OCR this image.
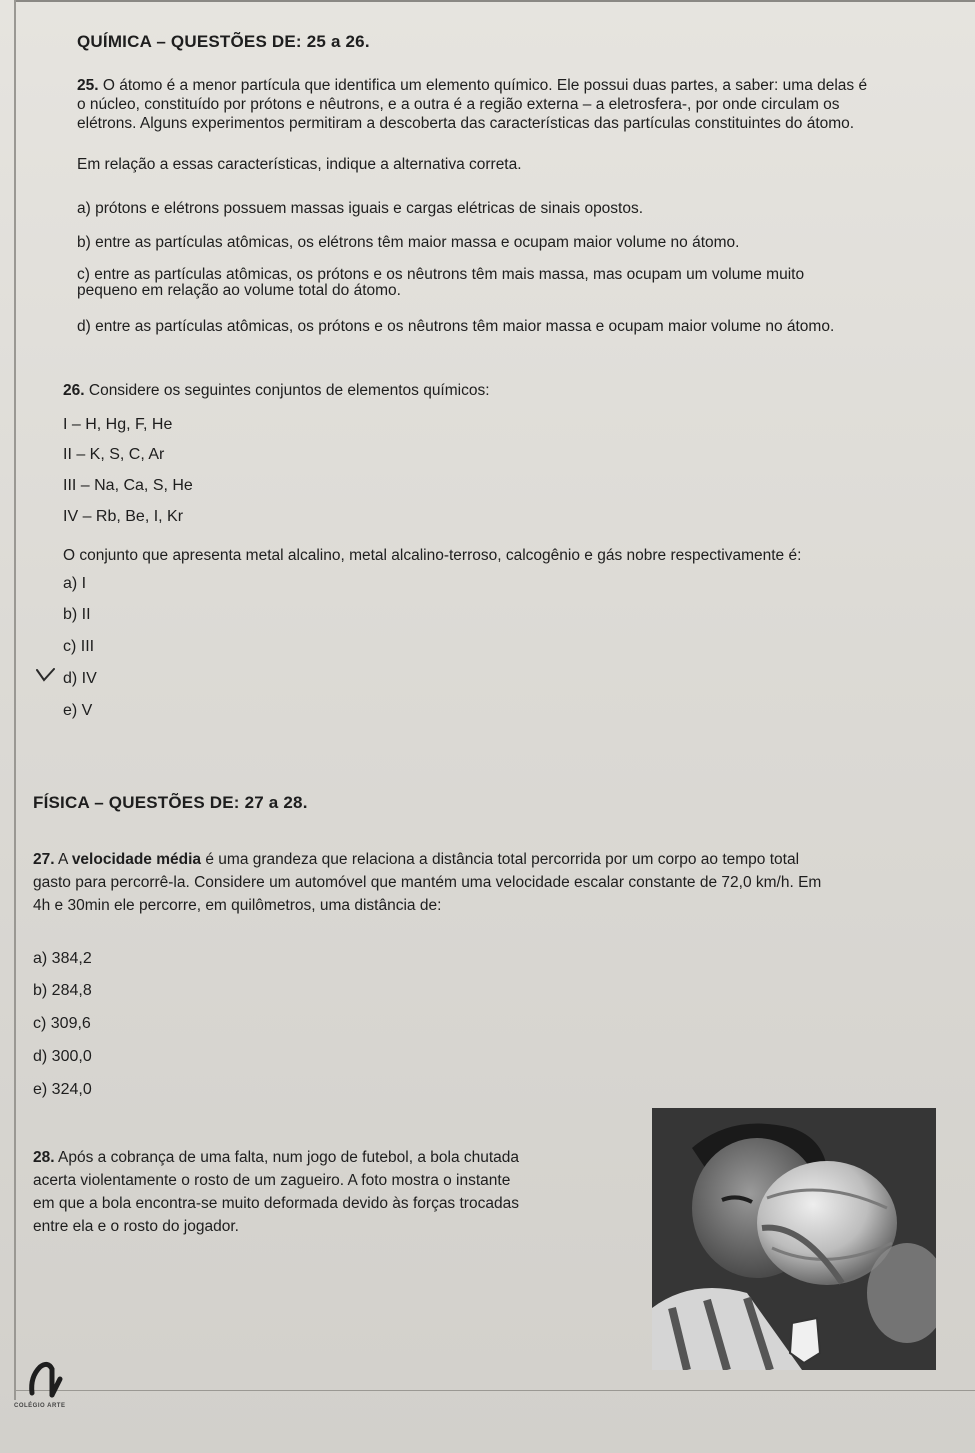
QUÍMICA – QUESTÕES DE: 25 a 26.
25. O átomo é a menor partícula que identifica um elemento químico. Ele possui duas partes, a saber: uma delas é
o núcleo, constituído por prótons e nêutrons, e a outra é a região externa – a eletrosfera-, por onde circulam os
elétrons. Alguns experimentos permitiram a descoberta das características das partículas constituintes do átomo.
Em relação a essas características, indique a alternativa correta.
a) prótons e elétrons possuem massas iguais e cargas elétricas de sinais opostos.
b) entre as partículas atômicas, os elétrons têm maior massa e ocupam maior volume no átomo.
c) entre as partículas atômicas, os prótons e os nêutrons têm mais massa, mas ocupam um volume muito
pequeno em relação ao volume total do átomo.
d) entre as partículas atômicas, os prótons e os nêutrons têm maior massa e ocupam maior volume no átomo.
26. Considere os seguintes conjuntos de elementos químicos:
I – H, Hg, F, He
II – K, S, C, Ar
III – Na, Ca, S, He
IV – Rb, Be, I, Kr
O conjunto que apresenta metal alcalino, metal alcalino-terroso, calcogênio e gás nobre respectivamente é:
a) I
b) II
c) III
d) IV
e) V
FÍSICA – QUESTÕES DE: 27 a 28.
27. A velocidade média é uma grandeza que relaciona a distância total percorrida por um corpo ao tempo total
gasto para percorrê-la. Considere um automóvel que mantém uma velocidade escalar constante de 72,0 km/h. Em
4h e 30min ele percorre, em quilômetros, uma distância de:
a) 384,2
b) 284,8
c) 309,6
d) 300,0
e) 324,0
28. Após a cobrança de uma falta, num jogo de futebol, a bola chutada
acerta violentamente o rosto de um zagueiro. A foto mostra o instante
em que a bola encontra-se muito deformada devido às forças trocadas
entre ela e o rosto do jogador.
COLÉGIO ARTE
